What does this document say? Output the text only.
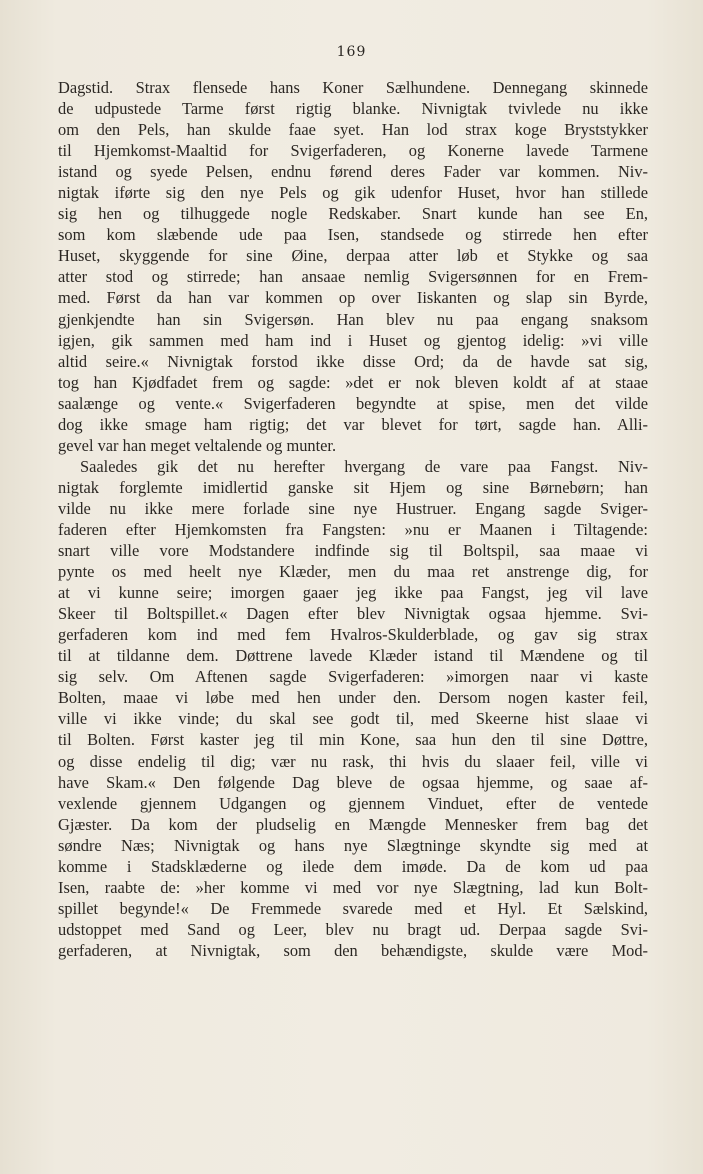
169
Dagstid. Strax flensede hans Koner Sælhundene. Dennegang skinnede
de udpustede Tarme først rigtig blanke. Nivnigtak tvivlede nu ikke
om den Pels, han skulde faae syet. Han lod strax koge Bryststykker
til Hjemkomst-Maaltid for Svigerfaderen, og Konerne lavede Tarmene
istand og syede Pelsen, endnu førend deres Fader var kommen. Niv-
nigtak iførte sig den nye Pels og gik udenfor Huset, hvor han stillede
sig hen og tilhuggede nogle Redskaber. Snart kunde han see En,
som kom slæbende ude paa Isen, standsede og stirrede hen efter
Huset, skyggende for sine Øine, derpaa atter løb et Stykke og saa
atter stod og stirrede; han ansaae nemlig Svigersønnen for en Frem-
med. Først da han var kommen op over Iiskanten og slap sin Byrde,
gjenkjendte han sin Svigersøn. Han blev nu paa engang snaksom
igjen, gik sammen med ham ind i Huset og gjentog idelig: »vi ville
altid seire.« Nivnigtak forstod ikke disse Ord; da de havde sat sig,
tog han Kjødfadet frem og sagde: »det er nok bleven koldt af at staae
saalænge og vente.« Svigerfaderen begyndte at spise, men det vilde
dog ikke smage ham rigtig; det var blevet for tørt, sagde han. Alli-
gevel var han meget veltalende og munter.
Saaledes gik det nu herefter hvergang de vare paa Fangst. Niv-
nigtak forglemte imidlertid ganske sit Hjem og sine Børnebørn; han
vilde nu ikke mere forlade sine nye Hustruer. Engang sagde Sviger-
faderen efter Hjemkomsten fra Fangsten: »nu er Maanen i Tiltagende:
snart ville vore Modstandere indfinde sig til Boltspil, saa maae vi
pynte os med heelt nye Klæder, men du maa ret anstrenge dig, for
at vi kunne seire; imorgen gaaer jeg ikke paa Fangst, jeg vil lave
Skeer til Boltspillet.« Dagen efter blev Nivnigtak ogsaa hjemme. Svi-
gerfaderen kom ind med fem Hvalros-Skulderblade, og gav sig strax
til at tildanne dem. Døttrene lavede Klæder istand til Mændene og til
sig selv. Om Aftenen sagde Svigerfaderen: »imorgen naar vi kaste
Bolten, maae vi løbe med hen under den. Dersom nogen kaster feil,
ville vi ikke vinde; du skal see godt til, med Skeerne hist slaae vi
til Bolten. Først kaster jeg til min Kone, saa hun den til sine Døttre,
og disse endelig til dig; vær nu rask, thi hvis du slaaer feil, ville vi
have Skam.« Den følgende Dag bleve de ogsaa hjemme, og saae af-
vexlende gjennem Udgangen og gjennem Vinduet, efter de ventede
Gjæster. Da kom der pludselig en Mængde Mennesker frem bag det
søndre Næs; Nivnigtak og hans nye Slægtninge skyndte sig med at
komme i Stadsklæderne og ilede dem imøde. Da de kom ud paa
Isen, raabte de: »her komme vi med vor nye Slægtning, lad kun Bolt-
spillet begynde!« De Fremmede svarede med et Hyl. Et Sælskind,
udstoppet med Sand og Leer, blev nu bragt ud. Derpaa sagde Svi-
gerfaderen, at Nivnigtak, som den behændigste, skulde være Mod-
